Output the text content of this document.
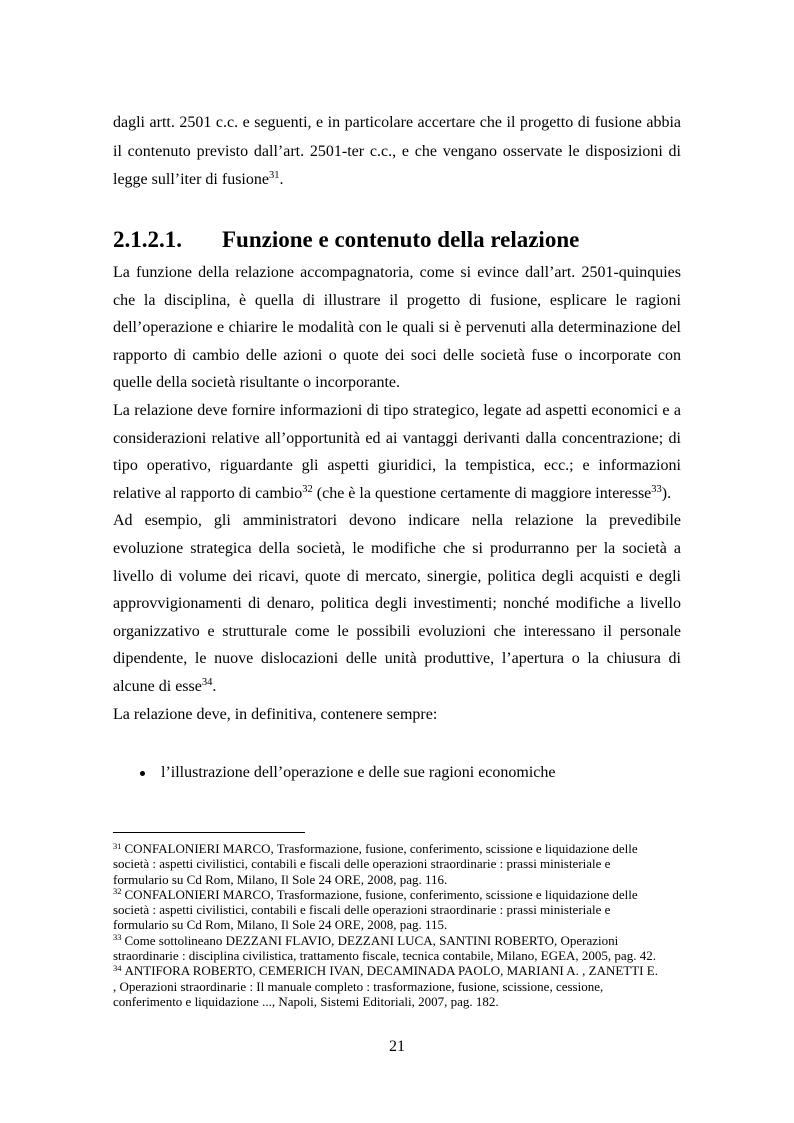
dagli artt. 2501 c.c. e seguenti, e in particolare accertare che il progetto di fusione abbia
il contenuto previsto dall’art. 2501-ter c.c., e che vengano osservate le disposizioni di
legge sull’iter di fusione$^{31}$.
2.1.2.1. Funzione e contenuto della relazione
La funzione della relazione accompagnatoria, come si evince dall’art. 2501-quinquies
che la disciplina, è quella di illustrare il progetto di fusione, esplicare le ragioni
dell’operazione e chiarire le modalità con le quali si è pervenuti alla determinazione del
rapporto di cambio delle azioni o quote dei soci delle società fuse o incorporate con
quelle della società risultante o incorporante.
La relazione deve fornire informazioni di tipo strategico, legate ad aspetti economici e a
considerazioni relative all’opportunità ed ai vantaggi derivanti dalla concentrazione; di
tipo operativo, riguardante gli aspetti giuridici, la tempistica, ecc.; e informazioni
relative al rapporto di cambio$^{32}$ (che è la questione certamente di maggiore interesse$^{33}$).
Ad esempio, gli amministratori devono indicare nella relazione la prevedibile
evoluzione strategica della società, le modifiche che si produrranno per la società a
livello di volume dei ricavi, quote di mercato, sinergie, politica degli acquisti e degli
approvvigionamenti di denaro, politica degli investimenti; nonché modifiche a livello
organizzativo e strutturale come le possibili evoluzioni che interessano il personale
dipendente, le nuove dislocazioni delle unità produttive, l’apertura o la chiusura di
alcune di esse$^{34}$.
La relazione deve, in definitiva, contenere sempre:
l’illustrazione dell’operazione e delle sue ragioni economiche
$^{31}$ CONFALONIERI MARCO, Trasformazione, fusione, conferimento, scissione e liquidazione delle
società : aspetti civilistici, contabili e fiscali delle operazioni straordinarie : prassi ministeriale e
formulario su Cd Rom, Milano, Il Sole 24 ORE, 2008, pag. 116.
$^{32}$ CONFALONIERI MARCO, Trasformazione, fusione, conferimento, scissione e liquidazione delle
società : aspetti civilistici, contabili e fiscali delle operazioni straordinarie : prassi ministeriale e
formulario su Cd Rom, Milano, Il Sole 24 ORE, 2008, pag. 115.
$^{33}$ Come sottolineano DEZZANI FLAVIO, DEZZANI LUCA, SANTINI ROBERTO, Operazioni
straordinarie : disciplina civilistica, trattamento fiscale, tecnica contabile, Milano, EGEA, 2005, pag. 42.
$^{34}$ ANTIFORA ROBERTO, CEMERICH IVAN, DECAMINADA PAOLO, MARIANI A. , ZANETTI E.
, Operazioni straordinarie : Il manuale completo : trasformazione, fusione, scissione, cessione,
conferimento e liquidazione ..., Napoli, Sistemi Editoriali, 2007, pag. 182.
21
